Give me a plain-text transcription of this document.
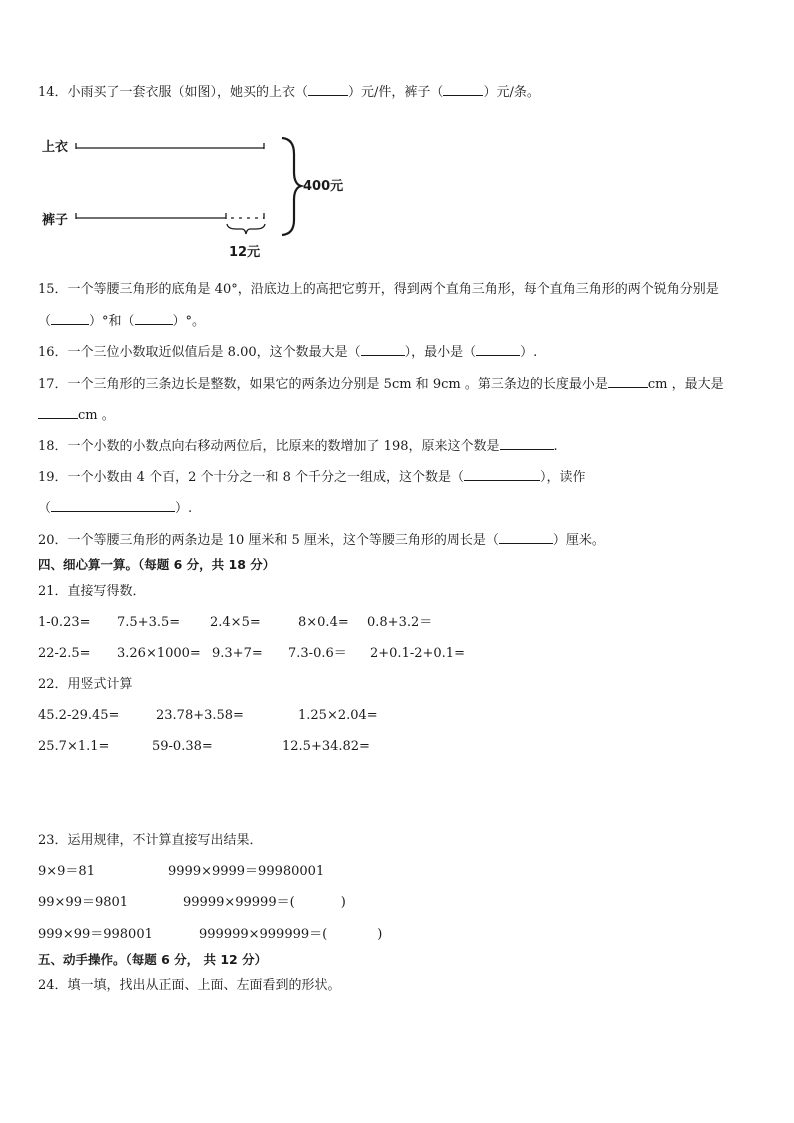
14．小雨买了一套衣服（如图），她买的上衣（	）元/件，裤子（	）元/条。
上衣
裤子
400元
12元
15．一个等腰三角形的底角是 40°，沿底边上的高把它剪开，得到两个直角三角形，每个直角三角形的两个锐角分别是
（	）°和（	）°。
16．一个三位小数取近似值后是 8.00，这个数最大是（	），最小是（	）.
17．一个三角形的三条边长是整数，如果它的两条边分别是 5cm 和 9cm 。第三条边的长度最小是	cm ，最大是
cm 。
18．一个小数的小数点向右移动两位后，比原来的数增加了 198，原来这个数是	.
19．一个小数由 4 个百，2 个十分之一和 8 个千分之一组成，这个数是（	），读作
（	）.
20．一个等腰三角形的两条边是 10 厘米和 5 厘米，这个等腰三角形的周长是（	）厘米。
四、细心算一算。（每题 6 分，共 18 分）
21．直接写得数．
1-0.23= 7.5+3.5= 2.4×5=	8×0.4= 0.8+3.2＝
22-2.5= 3.26×1000= 9.3+7= 7.3-0.6＝ 2+0.1-2+0.1=
22．用竖式计算
45.2-29.45=	23.78+3.58=	1.25×2.04=
25.7×1.1=	59-0.38=	12.5+34.82=
23．运用规律，不计算直接写出结果．
9×9＝81	9999×9999＝99980001
99×99＝9801	99999×99999＝(	)
999×99＝998001	999999×999999＝(	)
五、动手操作。（每题 6 分， 共 12 分）
24．填一填，找出从正面、上面、左面看到的形状。
